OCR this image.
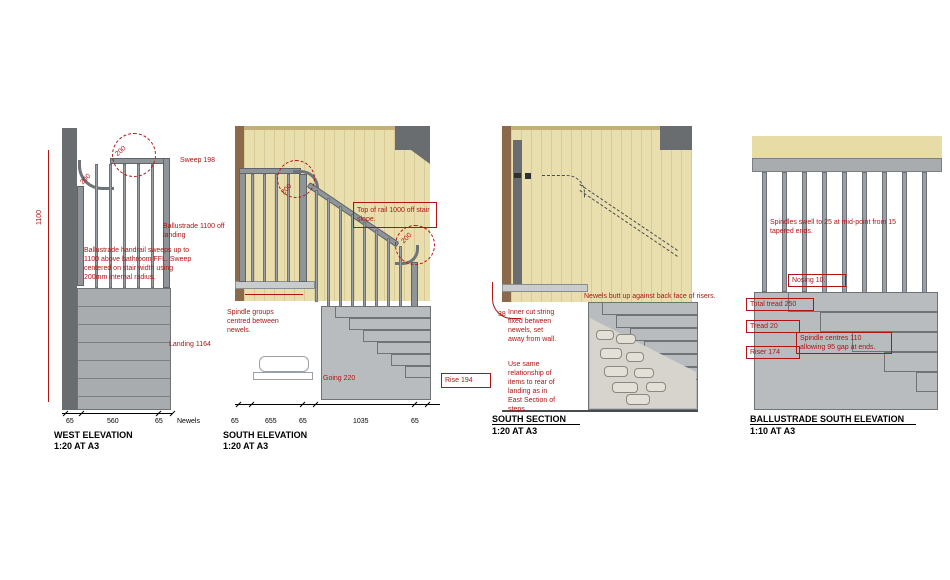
1100
200
200
Ballustrade handrail sweeps up to 1100 above bathroom FFL. Sweep centered on stair width using 200mm internal radius.
65	560	65 Newels
WEST ELEVATION
1:20 AT A3
Sweep 198
Ballustrade 1100 off landing
Top of rail 1000 off stair slope.
Spindle groups centred between newels.
Landing 1164
Going 220	Rise 194
200
200
65	655	65	1035	65
SOUTH ELEVATION
1:20 AT A3
38 Inner cut string fixed between newels, set away from wall.
Use same relationship of items to rear of landing as in East Section of steps.
Newels butt up against back face of risers.
SOUTH SECTION
1:20 AT A3
Spindles swell to 25 at mid-point from 15 tapered ends.
Nosing 10.
Total tread 250
Tread 20
Riser 174
Spindle centres 110 allowing 95 gap at ends.
BALLUSTRADE SOUTH ELEVATION
1:10 AT A3
